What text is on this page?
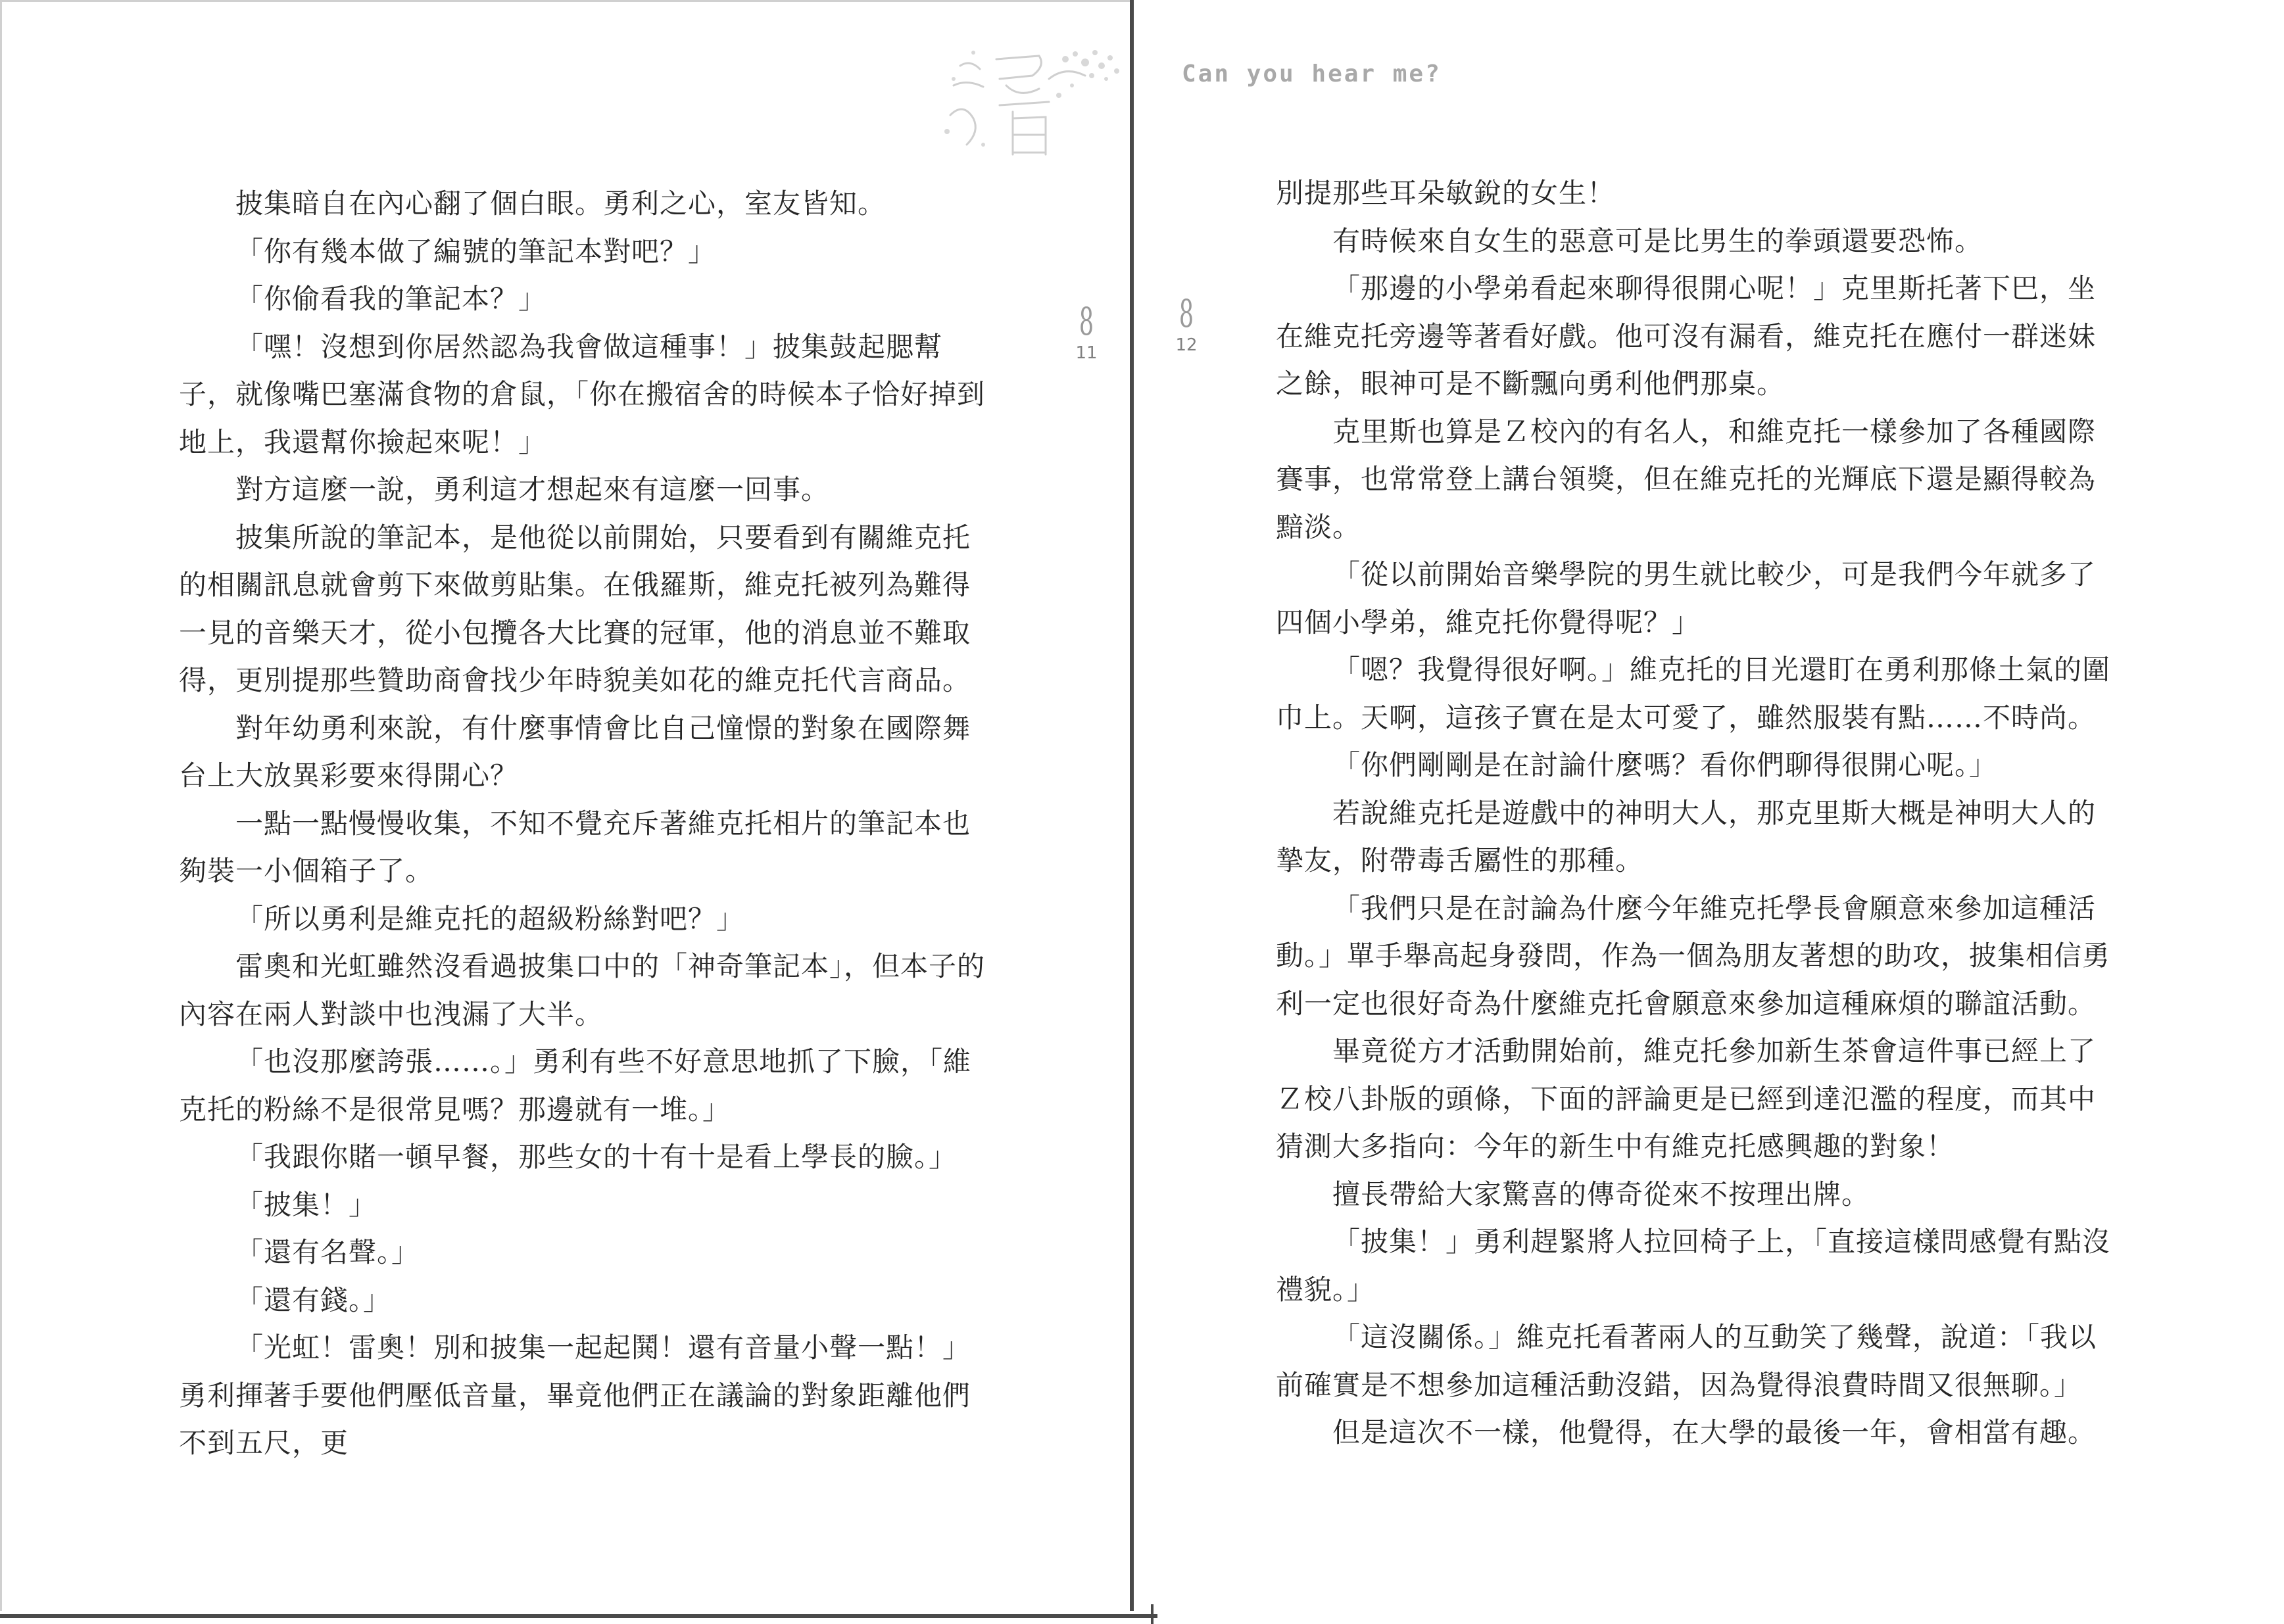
Can you hear me?
8
11
8
12

披集暗自在內心翻了個白眼。勇利之心，室友皆知。

「你有幾本做了編號的筆記本對吧？」

「你偷看我的筆記本？」

「嘿！沒想到你居然認為我會做這種事！」披集鼓起腮幫子，就像嘴巴塞滿食物的倉鼠，「你在搬宿舍的時候本子恰好掉到地上，我還幫你撿起來呢！」

對方這麼一說，勇利這才想起來有這麼一回事。

披集所說的筆記本，是他從以前開始，只要看到有關維克托的相關訊息就會剪下來做剪貼集。在俄羅斯，維克托被列為難得一見的音樂天才，從小包攬各大比賽的冠軍，他的消息並不難取得，更別提那些贊助商會找少年時貌美如花的維克托代言商品。

對年幼勇利來說，有什麼事情會比自己憧憬的對象在國際舞台上大放異彩要來得開心？

一點一點慢慢收集，不知不覺充斥著維克托相片的筆記本也夠裝一小個箱子了。

「所以勇利是維克托的超級粉絲對吧？」

雷奧和光虹雖然沒看過披集口中的「神奇筆記本」，但本子的內容在兩人對談中也洩漏了大半。

「也沒那麼誇張……。」勇利有些不好意思地抓了下臉，「維克托的粉絲不是很常見嗎？那邊就有一堆。」

「我跟你賭一頓早餐，那些女的十有十是看上學長的臉。」

「披集！」

「還有名聲。」

「還有錢。」

「光虹！雷奧！別和披集一起起鬨！還有音量小聲一點！」勇利揮著手要他們壓低音量，畢竟他們正在議論的對象距離他們不到五尺，更

別提那些耳朵敏銳的女生！

有時候來自女生的惡意可是比男生的拳頭還要恐怖。

「那邊的小學弟看起來聊得很開心呢！」克里斯托著下巴，坐在維克托旁邊等著看好戲。他可沒有漏看，維克托在應付一群迷妹之餘，眼神可是不斷飄向勇利他們那桌。

克里斯也算是Ｚ校內的有名人，和維克托一樣參加了各種國際賽事，也常常登上講台領獎，但在維克托的光輝底下還是顯得較為黯淡。

「從以前開始音樂學院的男生就比較少，可是我們今年就多了四個小學弟，維克托你覺得呢？」

「嗯？我覺得很好啊。」維克托的目光還盯在勇利那條土氣的圍巾上。天啊，這孩子實在是太可愛了，雖然服裝有點……不時尚。

「你們剛剛是在討論什麼嗎？看你們聊得很開心呢。」

若說維克托是遊戲中的神明大人，那克里斯大概是神明大人的摯友，附帶毒舌屬性的那種。

「我們只是在討論為什麼今年維克托學長會願意來參加這種活動。」單手舉高起身發問，作為一個為朋友著想的助攻，披集相信勇利一定也很好奇為什麼維克托會願意來參加這種麻煩的聯誼活動。

畢竟從方才活動開始前，維克托參加新生茶會這件事已經上了Ｚ校八卦版的頭條，下面的評論更是已經到達氾濫的程度，而其中猜測大多指向：今年的新生中有維克托感興趣的對象！

擅長帶給大家驚喜的傳奇從來不按理出牌。

「披集！」勇利趕緊將人拉回椅子上，「直接這樣問感覺有點沒禮貌。」

「這沒關係。」維克托看著兩人的互動笑了幾聲，說道：「我以前確實是不想參加這種活動沒錯，因為覺得浪費時間又很無聊。」

但是這次不一樣，他覺得，在大學的最後一年，會相當有趣。
